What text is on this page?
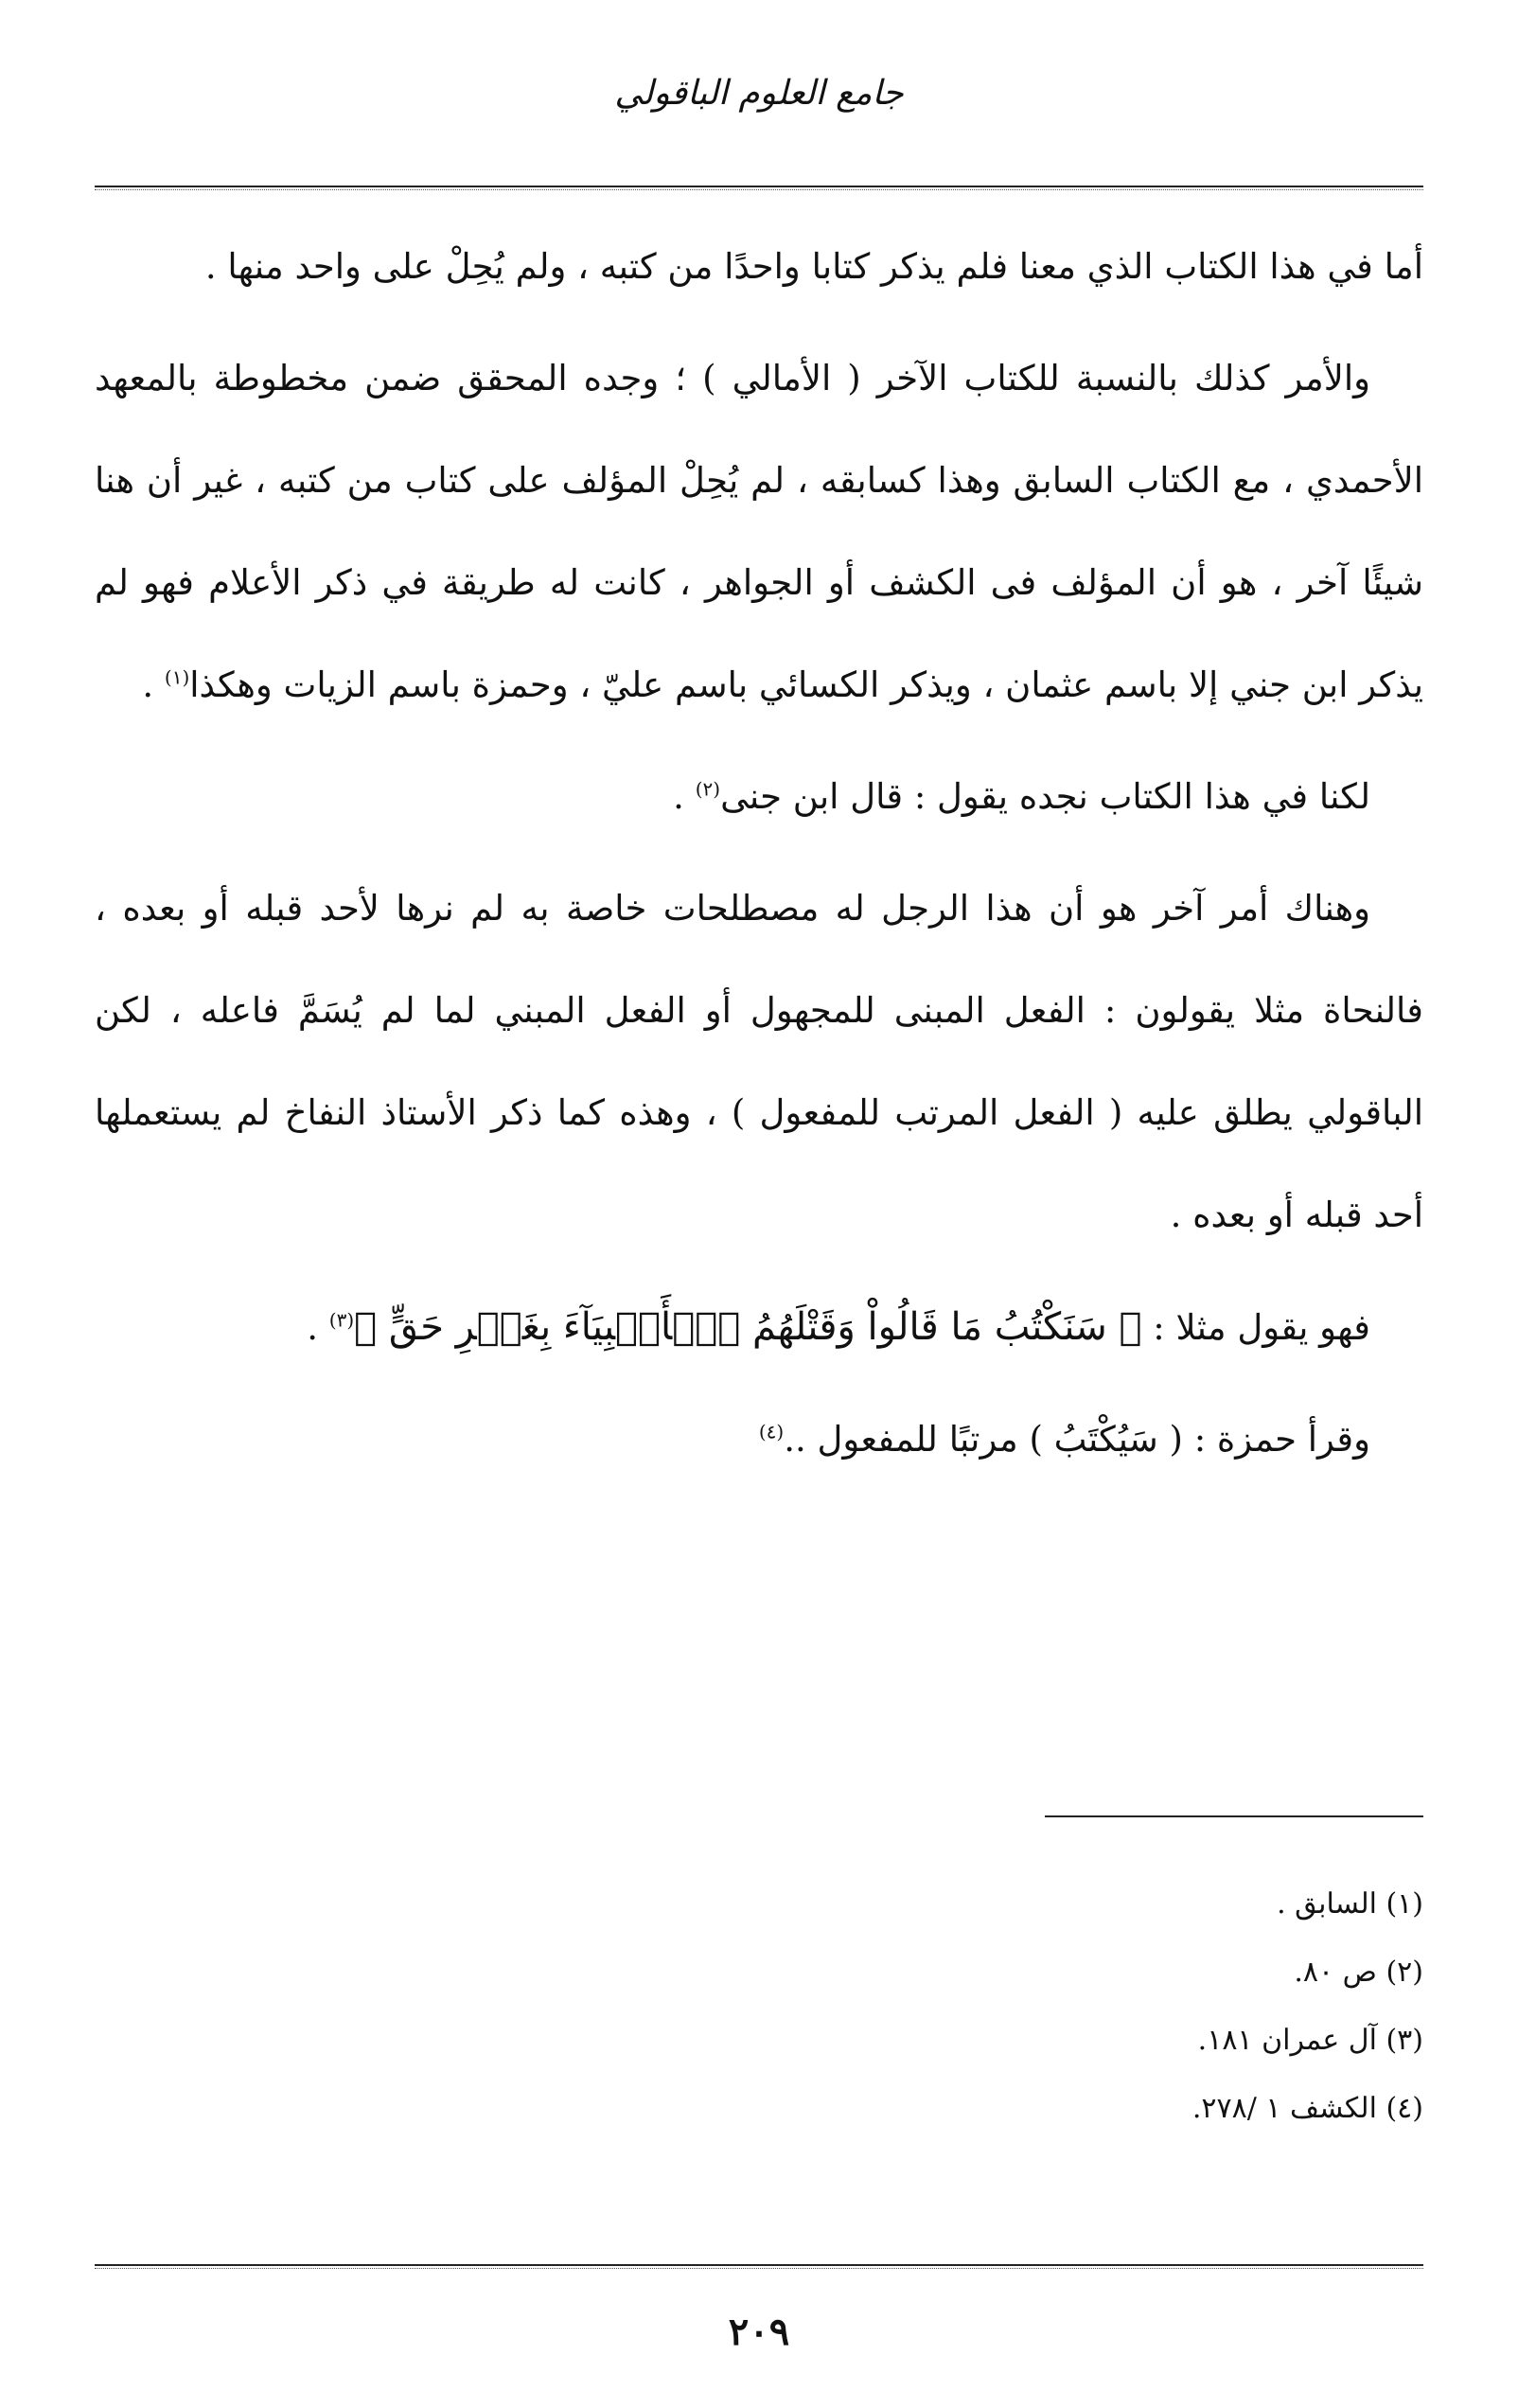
جامع العلوم الباقولي

أما في هذا الكتاب الذي معنا فلم يذكر كتابا واحدًا من كتبه ، ولم يُحِلْ على واحد منها .

والأمر كذلك بالنسبة للكتاب الآخر ( الأمالي ) ؛ وجده المحقق ضمن مخطوطة بالمعهد الأحمدي ، مع الكتاب السابق وهذا كسابقه ، لم يُحِلْ المؤلف على كتاب من كتبه ، غير أن هنا شيئًا آخر ، هو أن المؤلف فى الكشف أو الجواهر ، كانت له طريقة في ذكر الأعلام فهو لم يذكر ابن جني إلا باسم عثمان ، ويذكر الكسائي باسم عليّ ، وحمزة باسم الزيات وهكذا$^{(١)}$ .

لكنا في هذا الكتاب نجده يقول : قال ابن جنى$^{(٢)}$ .

وهناك أمر آخر هو أن هذا الرجل له مصطلحات خاصة به لم نرها لأحد قبله أو بعده ، فالنحاة مثلا يقولون : الفعل المبنى للمجهول أو الفعل المبني لما لم يُسَمَّ فاعله ، لكن الباقولي يطلق عليه ( الفعل المرتب للمفعول ) ، وهذه كما ذكر الأستاذ النفاخ لم يستعملها أحد قبله أو بعده .

فهو يقول مثلا : ﴿ سَنَكْتُبُ مَا قَالُواْ وَقَتْلَهُمُ ٱلۡأَنۢبِيَآءَ بِغَيۡرِ حَقٍّ ﴾$^{(٣)}$ .

وقرأ حمزة : ( سَيُكْتَبُ ) مرتبًا للمفعول ..$^{(٤)}$

(١) السابق .

(٢) ص ٨٠.

(٣) آل عمران ١٨١.

(٤) الكشف ١ /٢٧٨.

٢٠٩
